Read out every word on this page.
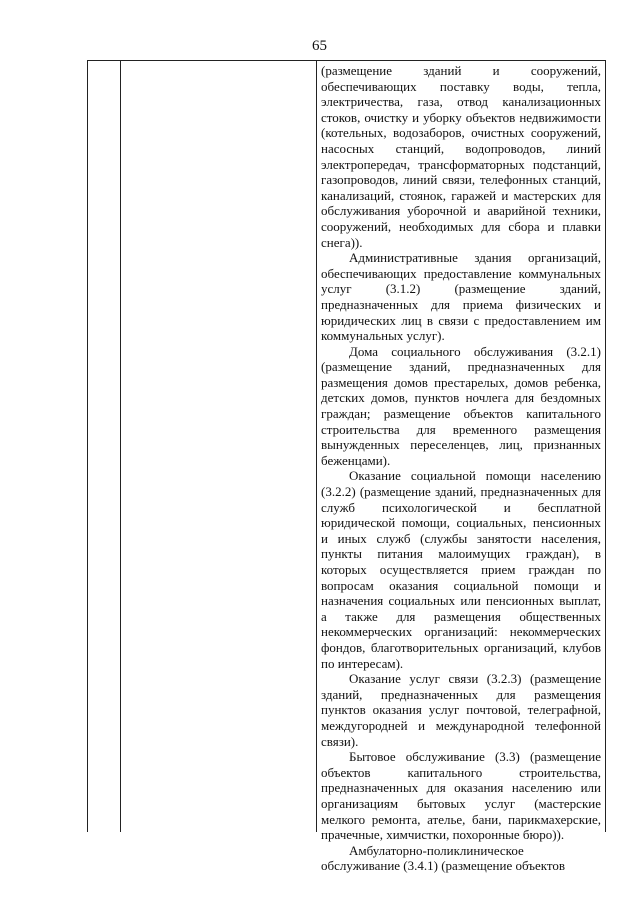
65

(размещение зданий и сооружений, обеспечивающих поставку воды, тепла, электричества, газа, отвод канализационных стоков, очистку и уборку объектов недвижимости (котельных, водозаборов, очистных сооружений, насосных станций, водопроводов, линий электропередач, трансформаторных подстанций, газопроводов, линий связи, телефонных станций, канализаций, стоянок, гаражей и мастерских для обслуживания уборочной и аварийной техники, сооружений, необходимых для сбора и плавки снега)).

Административные здания организаций, обеспечивающих предоставление коммунальных услуг (3.1.2) (размещение зданий, предназначенных для приема физических и юридических лиц в связи с предоставлением им коммунальных услуг).

Дома социального обслуживания (3.2.1) (размещение зданий, предназначенных для размещения домов престарелых, домов ребенка, детских домов, пунктов ночлега для бездомных граждан; размещение объектов капитального строительства для временного размещения вынужденных переселенцев, лиц, признанных беженцами).

Оказание социальной помощи населению (3.2.2) (размещение зданий, предназначенных для служб психологической и бесплатной юридической помощи, социальных, пенсионных и иных служб (службы занятости населения, пункты питания малоимущих граждан), в которых осуществляется прием граждан по вопросам оказания социальной помощи и назначения социальных или пенсионных выплат, а также для размещения общественных некоммерческих организаций: некоммерческих фондов, благотворительных организаций, клубов по интересам).

Оказание услуг связи (3.2.3) (размещение зданий, предназначенных для размещения пунктов оказания услуг почтовой, телеграфной, междугородней и международной телефонной связи).

Бытовое обслуживание (3.3) (размещение объектов капитального строительства, предназначенных для оказания населению или организациям бытовых услуг (мастерские мелкого ремонта, ателье, бани, парикмахерские, прачечные, химчистки, похоронные бюро)).

Амбулаторно-поликлиническое обслуживание (3.4.1) (размещение объектов
